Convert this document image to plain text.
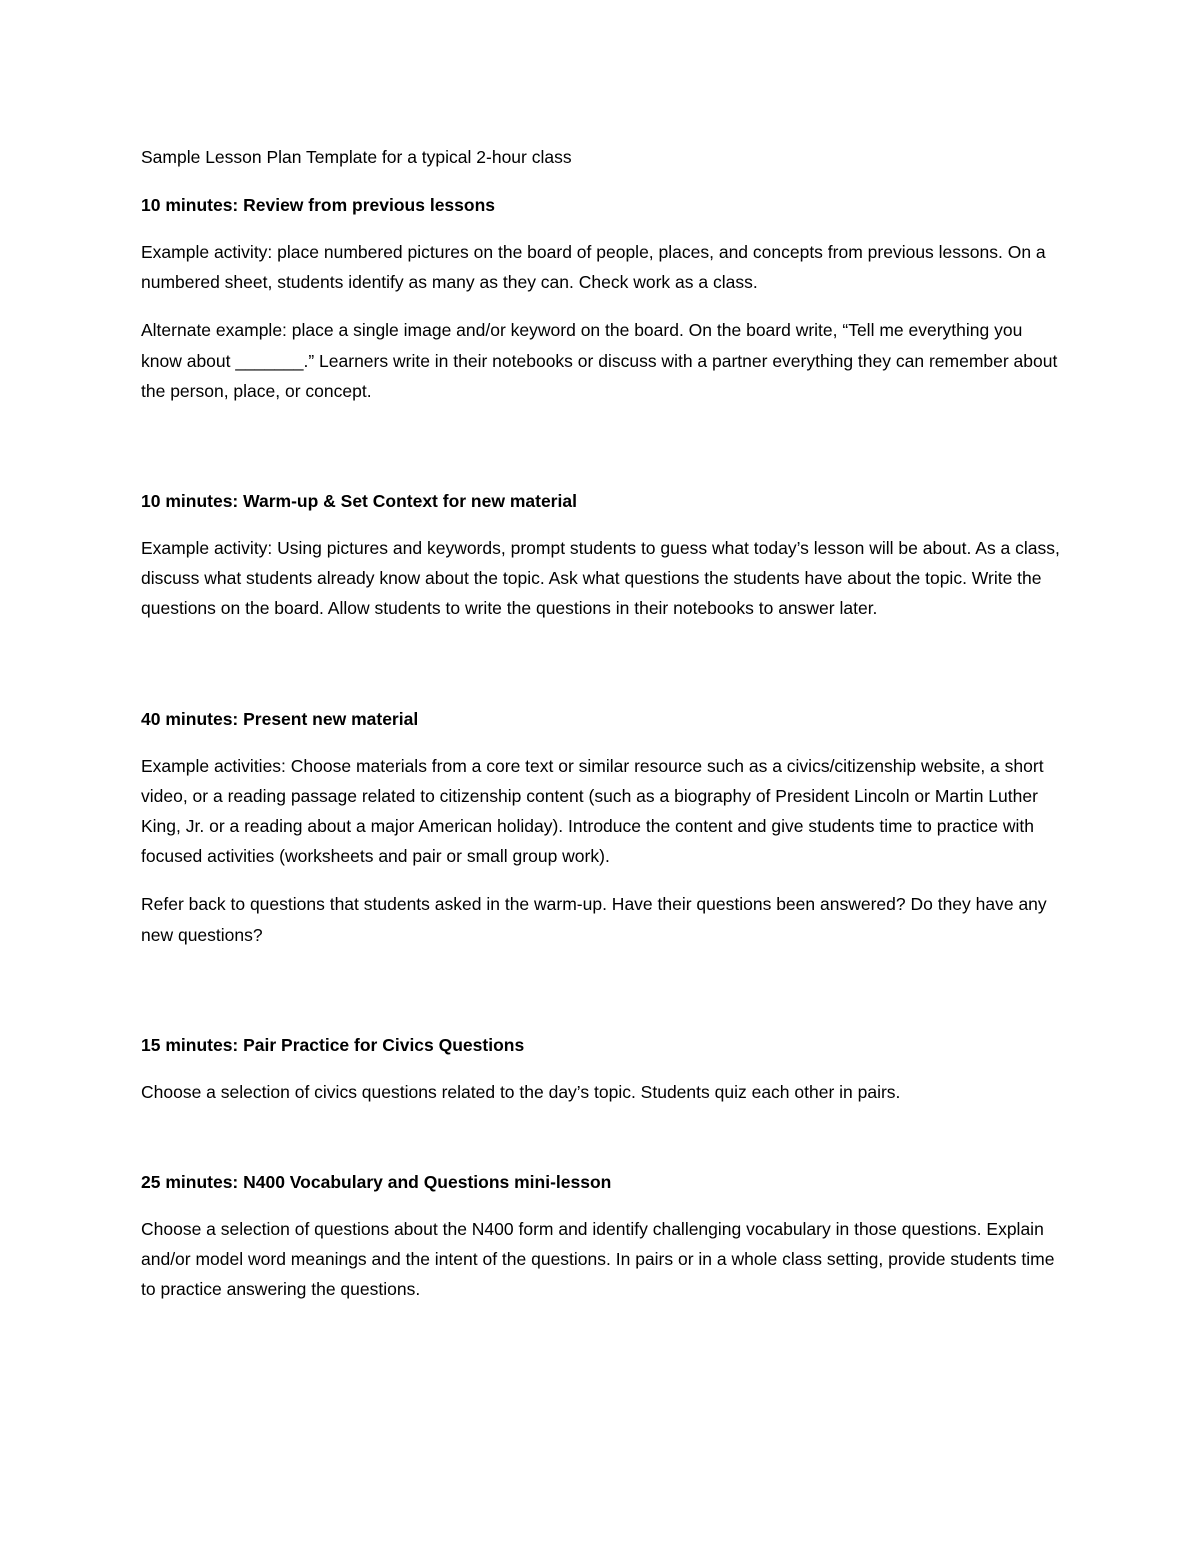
Sample Lesson Plan Template for a typical 2-hour class

10 minutes: Review from previous lessons

Example activity: place numbered pictures on the board of people, places, and concepts from previous lessons. On a numbered sheet, students identify as many as they can. Check work as a class.

Alternate example: place a single image and/or keyword on the board. On the board write, “Tell me everything you know about _______.” Learners write in their notebooks or discuss with a partner everything they can remember about the person, place, or concept.

10 minutes: Warm-up & Set Context for new material

Example activity: Using pictures and keywords, prompt students to guess what today’s lesson will be about. As a class, discuss what students already know about the topic. Ask what questions the students have about the topic. Write the questions on the board. Allow students to write the questions in their notebooks to answer later.

40 minutes: Present new material

Example activities: Choose materials from a core text or similar resource such as a civics/citizenship website, a short video, or a reading passage related to citizenship content (such as a biography of President Lincoln or Martin Luther King, Jr. or a reading about a major American holiday). Introduce the content and give students time to practice with focused activities (worksheets and pair or small group work).

Refer back to questions that students asked in the warm-up. Have their questions been answered? Do they have any new questions?

15 minutes: Pair Practice for Civics Questions

Choose a selection of civics questions related to the day’s topic. Students quiz each other in pairs.

25 minutes: N400 Vocabulary and Questions mini-lesson

Choose a selection of questions about the N400 form and identify challenging vocabulary in those questions. Explain and/or model word meanings and the intent of the questions. In pairs or in a whole class setting, provide students time to practice answering the questions.
